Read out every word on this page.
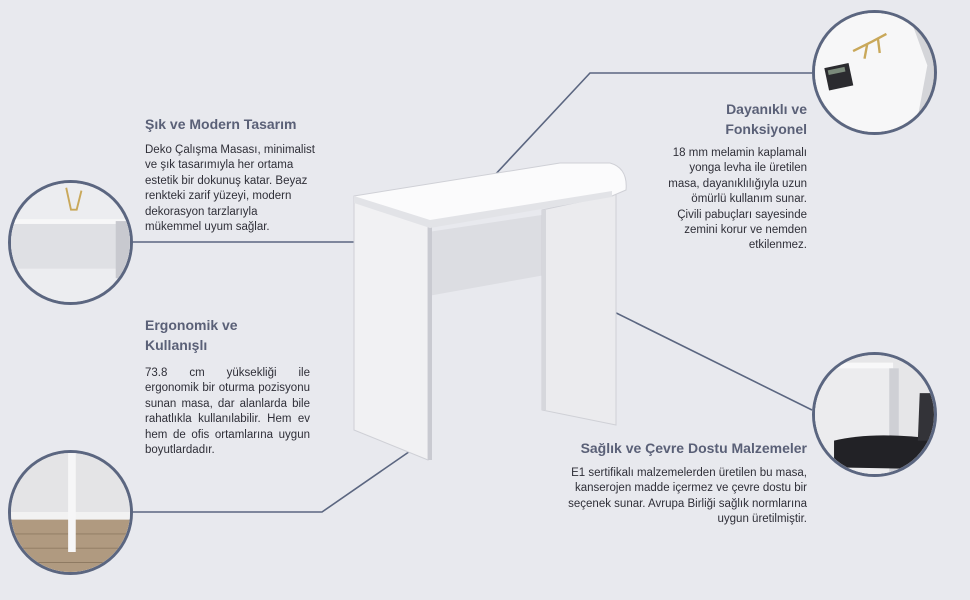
Şık ve Modern Tasarım
Deko Çalışma Masası, minimalist
ve şık tasarımıyla her ortama
estetik bir dokunuş katar. Beyaz
renkteki zarif yüzeyi, modern
dekorasyon tarzlarıyla
mükemmel uyum sağlar.
Ergonomik ve
Kullanışlı

73.8 cm yüksekliği ile ergonomik bir oturma pozisyonu sunan masa, dar alanlarda bile rahatlıkla kullanılabilir. Hem ev hem de ofis ortamlarına uygun boyutlardadır.

Dayanıklı ve
Fonksiyonel
18 mm melamin kaplamalı
yonga levha ile üretilen
masa, dayanıklılığıyla uzun
ömürlü kullanım sunar.
Çivili pabuçları sayesinde
zemini korur ve nemden
etkilenmez.
Sağlık ve Çevre Dostu Malzemeler
E1 sertifikalı malzemelerden üretilen bu masa,
kanserojen madde içermez ve çevre dostu bir
seçenek sunar. Avrupa Birliği sağlık normlarına
uygun üretilmiştir.
